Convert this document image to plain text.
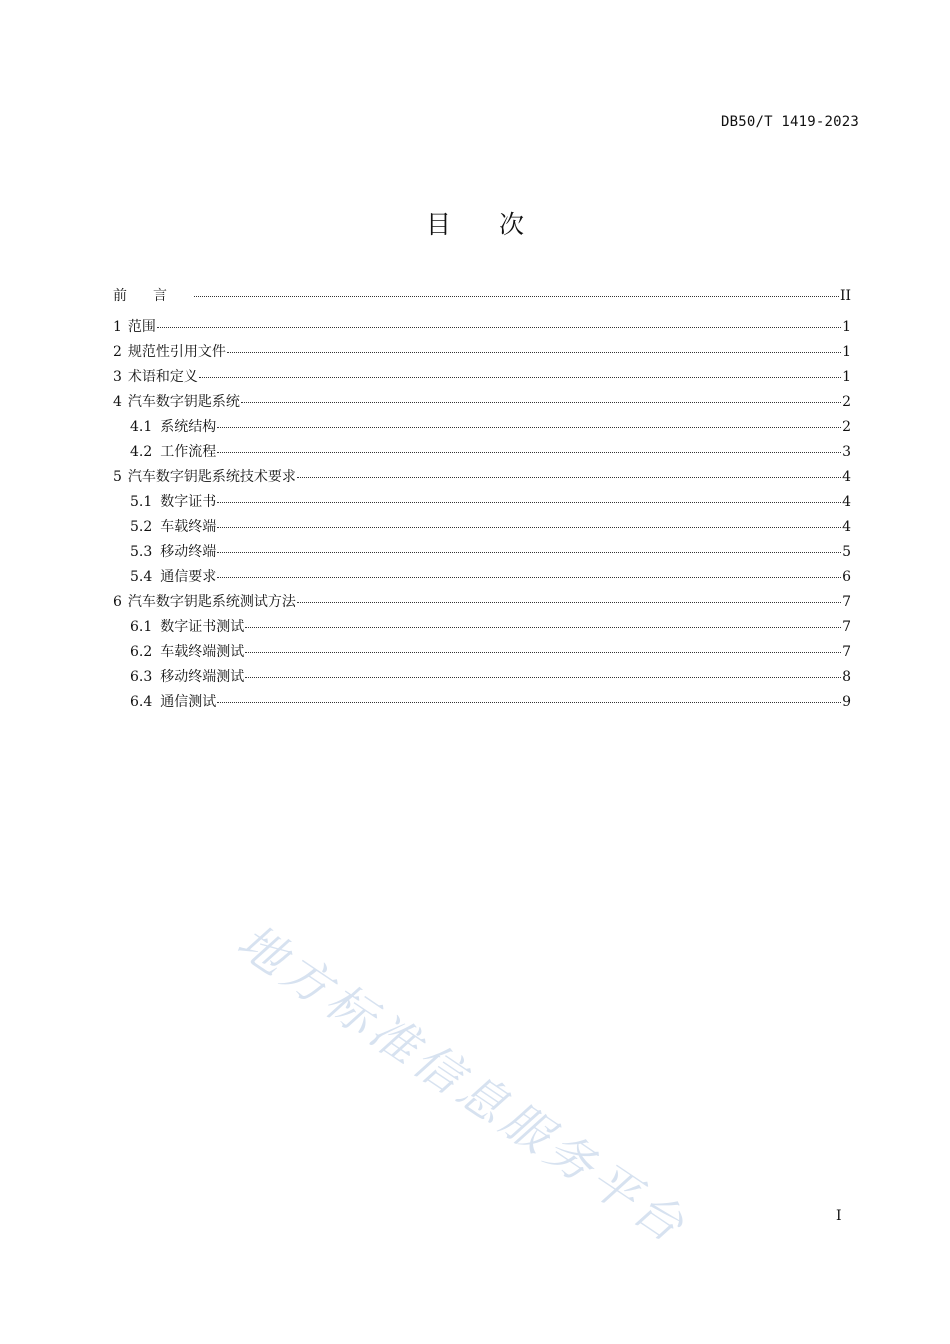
DB50/T 1419-2023
目次
前言	II
1 范围	1
2 规范性引用文件	1
3 术语和定义	1
4 汽车数字钥匙系统	2
4.1 系统结构	2
4.2 工作流程	3
5 汽车数字钥匙系统技术要求	4
5.1 数字证书	4
5.2 车载终端	4
5.3 移动终端	5
5.4 通信要求	6
6 汽车数字钥匙系统测试方法	7
6.1 数字证书测试	7
6.2 车载终端测试	7
6.3 移动终端测试	8
6.4 通信测试	9
I
地方标准信息服务平台
